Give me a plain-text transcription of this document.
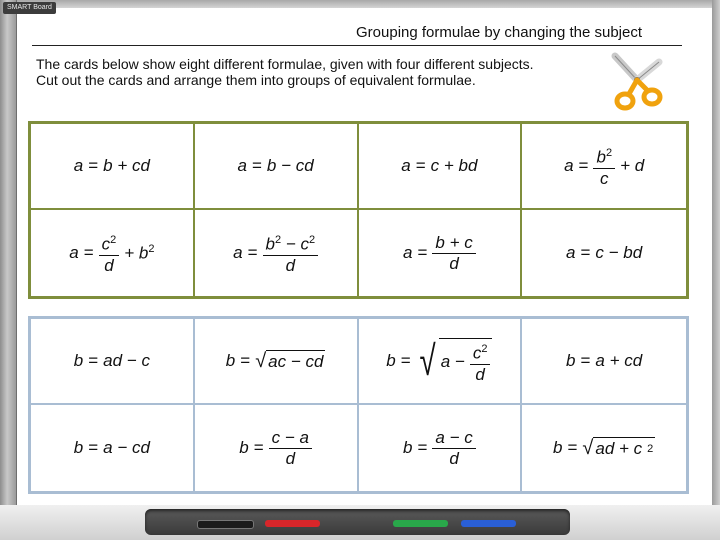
SMART Board
Grouping formulae by changing the subject
The cards below show eight different formulae, given with four different subjects. Cut out the cards and arrange them into groups of equivalent formulae.
a = b + cd	a = b − cd	a = c + bd	$a = \frac{b^2}{c} + d$
$a = \frac{c^2}{d} + b^2$	$a = \frac{b^2 - c^2}{d}$	$a = \frac{b + c}{d}$	a = c − bd
b = ad − c	b = √ ac − cd	b = √ $a - \frac{c^2}{d}$	b = a + cd
b = a − cd	$b = \frac{c - a}{d}$	$b = \frac{a - c}{d}$	b = √ ad + c 2
